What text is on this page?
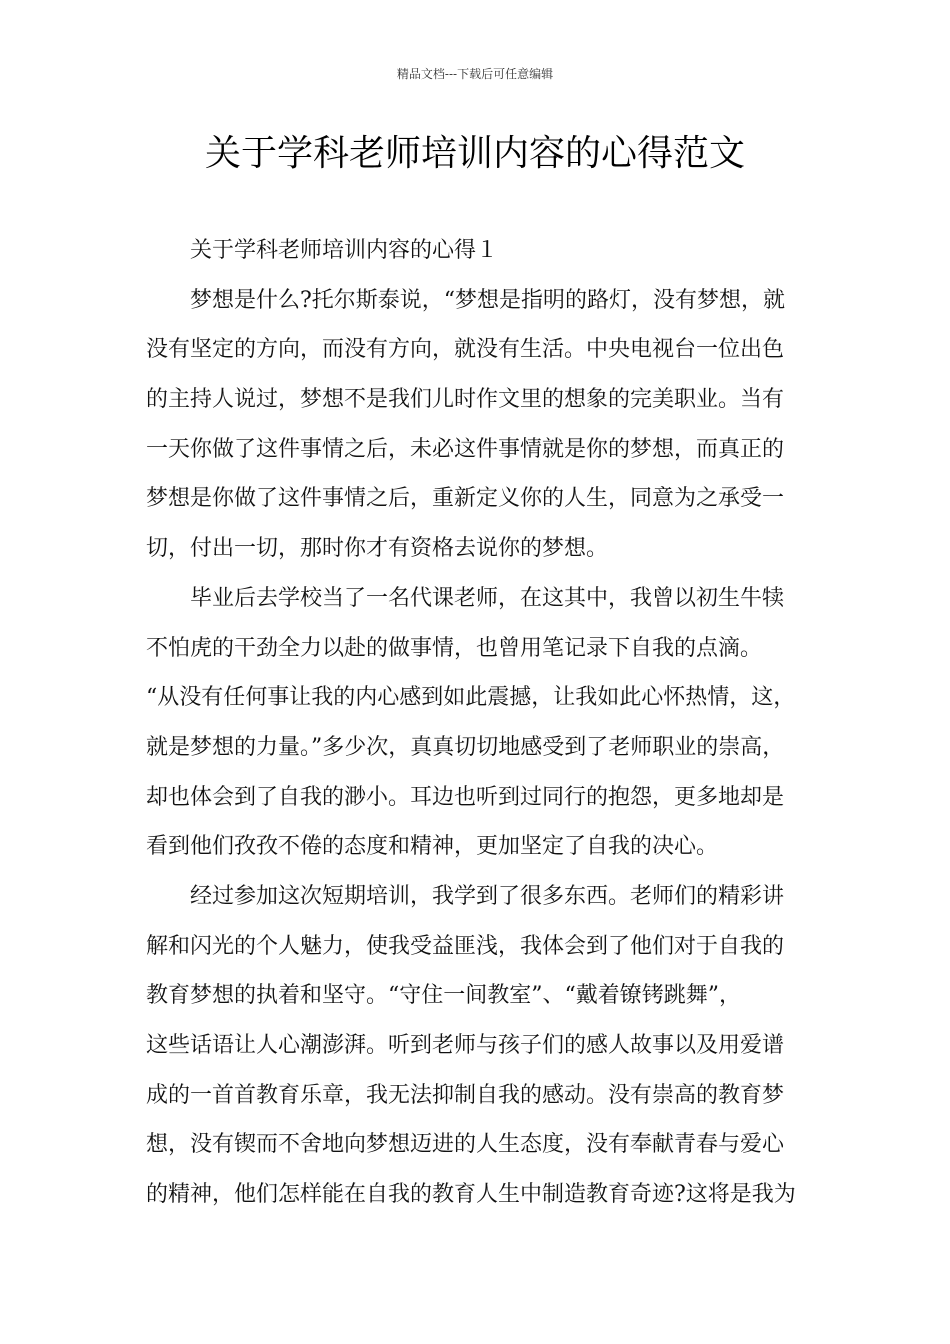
精品文档---下载后可任意编辑
关于学科老师培训内容的心得范文
关于学科老师培训内容的心得１
梦想是什么?托尔斯泰说，“梦想是指明的路灯，没有梦想，就
没有坚定的方向，而没有方向，就没有生活。中央电视台一位出色
的主持人说过，梦想不是我们儿时作文里的想象的完美职业。当有
一天你做了这件事情之后，未必这件事情就是你的梦想，而真正的
梦想是你做了这件事情之后，重新定义你的人生，同意为之承受一
切，付出一切，那时你才有资格去说你的梦想。
毕业后去学校当了一名代课老师，在这其中，我曾以初生牛犊
不怕虎的干劲全力以赴的做事情，也曾用笔记录下自我的点滴。
“从没有任何事让我的内心感到如此震撼，让我如此心怀热情，这，
就是梦想的力量。”多少次，真真切切地感受到了老师职业的崇高，
却也体会到了自我的渺小。耳边也听到过同行的抱怨，更多地却是
看到他们孜孜不倦的态度和精神，更加坚定了自我的决心。
经过参加这次短期培训，我学到了很多东西。老师们的精彩讲
解和闪光的个人魅力，使我受益匪浅，我体会到了他们对于自我的
教育梦想的执着和坚守。“守住一间教室”、“戴着镣铐跳舞”，
这些话语让人心潮澎湃。听到老师与孩子们的感人故事以及用爱谱
成的一首首教育乐章，我无法抑制自我的感动。没有崇高的教育梦
想，没有锲而不舍地向梦想迈进的人生态度，没有奉献青春与爱心
的精神，他们怎样能在自我的教育人生中制造教育奇迹?这将是我为
